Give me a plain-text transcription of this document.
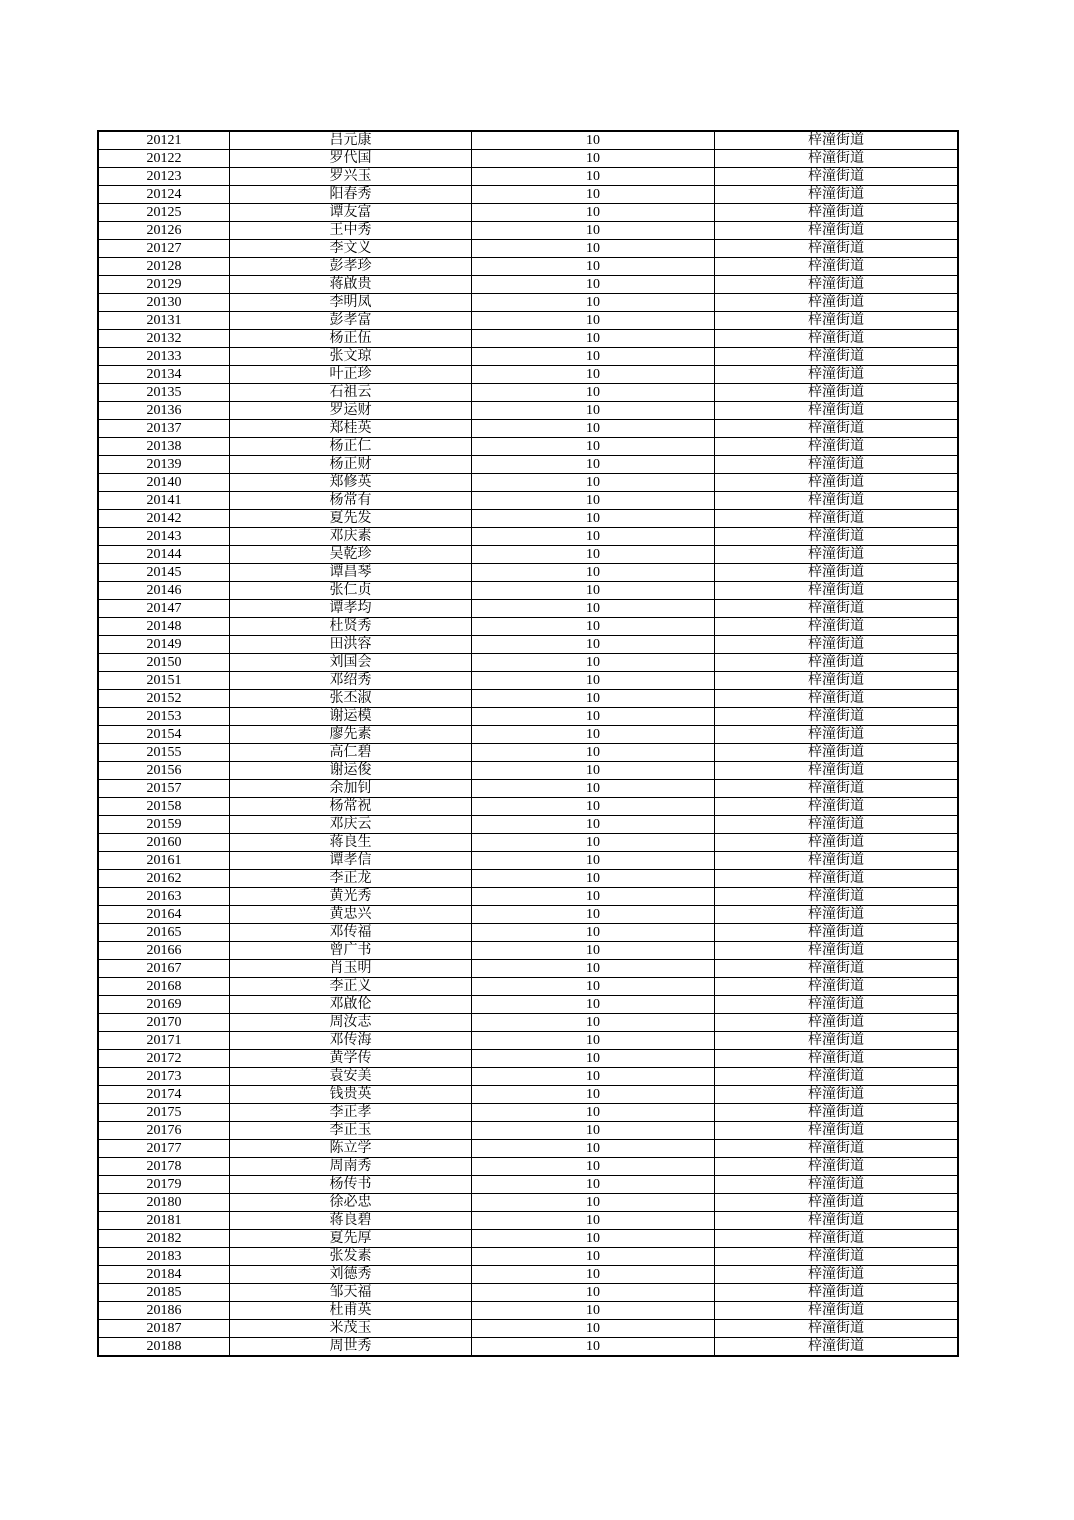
20121	吕元康	10	梓潼街道
20122	罗代国	10	梓潼街道
20123	罗兴玉	10	梓潼街道
20124	阳春秀	10	梓潼街道
20125	谭友富	10	梓潼街道
20126	王中秀	10	梓潼街道
20127	李文义	10	梓潼街道
20128	彭孝珍	10	梓潼街道
20129	蒋啟贵	10	梓潼街道
20130	李明凤	10	梓潼街道
20131	彭孝富	10	梓潼街道
20132	杨正伍	10	梓潼街道
20133	张文琼	10	梓潼街道
20134	叶正珍	10	梓潼街道
20135	石祖云	10	梓潼街道
20136	罗运财	10	梓潼街道
20137	郑桂英	10	梓潼街道
20138	杨正仁	10	梓潼街道
20139	杨正财	10	梓潼街道
20140	郑修英	10	梓潼街道
20141	杨常有	10	梓潼街道
20142	夏先发	10	梓潼街道
20143	邓庆素	10	梓潼街道
20144	吴乾珍	10	梓潼街道
20145	谭昌琴	10	梓潼街道
20146	张仁贞	10	梓潼街道
20147	谭孝均	10	梓潼街道
20148	杜贤秀	10	梓潼街道
20149	田洪容	10	梓潼街道
20150	刘国会	10	梓潼街道
20151	邓绍秀	10	梓潼街道
20152	张丕淑	10	梓潼街道
20153	谢运模	10	梓潼街道
20154	廖先素	10	梓潼街道
20155	高仁碧	10	梓潼街道
20156	谢运俊	10	梓潼街道
20157	余加钊	10	梓潼街道
20158	杨常祝	10	梓潼街道
20159	邓庆云	10	梓潼街道
20160	蒋良生	10	梓潼街道
20161	谭孝信	10	梓潼街道
20162	李正龙	10	梓潼街道
20163	黄光秀	10	梓潼街道
20164	黄忠兴	10	梓潼街道
20165	邓传福	10	梓潼街道
20166	曾广书	10	梓潼街道
20167	肖玉明	10	梓潼街道
20168	李正义	10	梓潼街道
20169	邓啟伦	10	梓潼街道
20170	周汝志	10	梓潼街道
20171	邓传海	10	梓潼街道
20172	黄学传	10	梓潼街道
20173	袁安美	10	梓潼街道
20174	钱贵英	10	梓潼街道
20175	李正孝	10	梓潼街道
20176	李正玉	10	梓潼街道
20177	陈立学	10	梓潼街道
20178	周南秀	10	梓潼街道
20179	杨传书	10	梓潼街道
20180	徐必忠	10	梓潼街道
20181	蒋良碧	10	梓潼街道
20182	夏先厚	10	梓潼街道
20183	张发素	10	梓潼街道
20184	刘德秀	10	梓潼街道
20185	邹天福	10	梓潼街道
20186	杜甫英	10	梓潼街道
20187	米茂玉	10	梓潼街道
20188	周世秀	10	梓潼街道
